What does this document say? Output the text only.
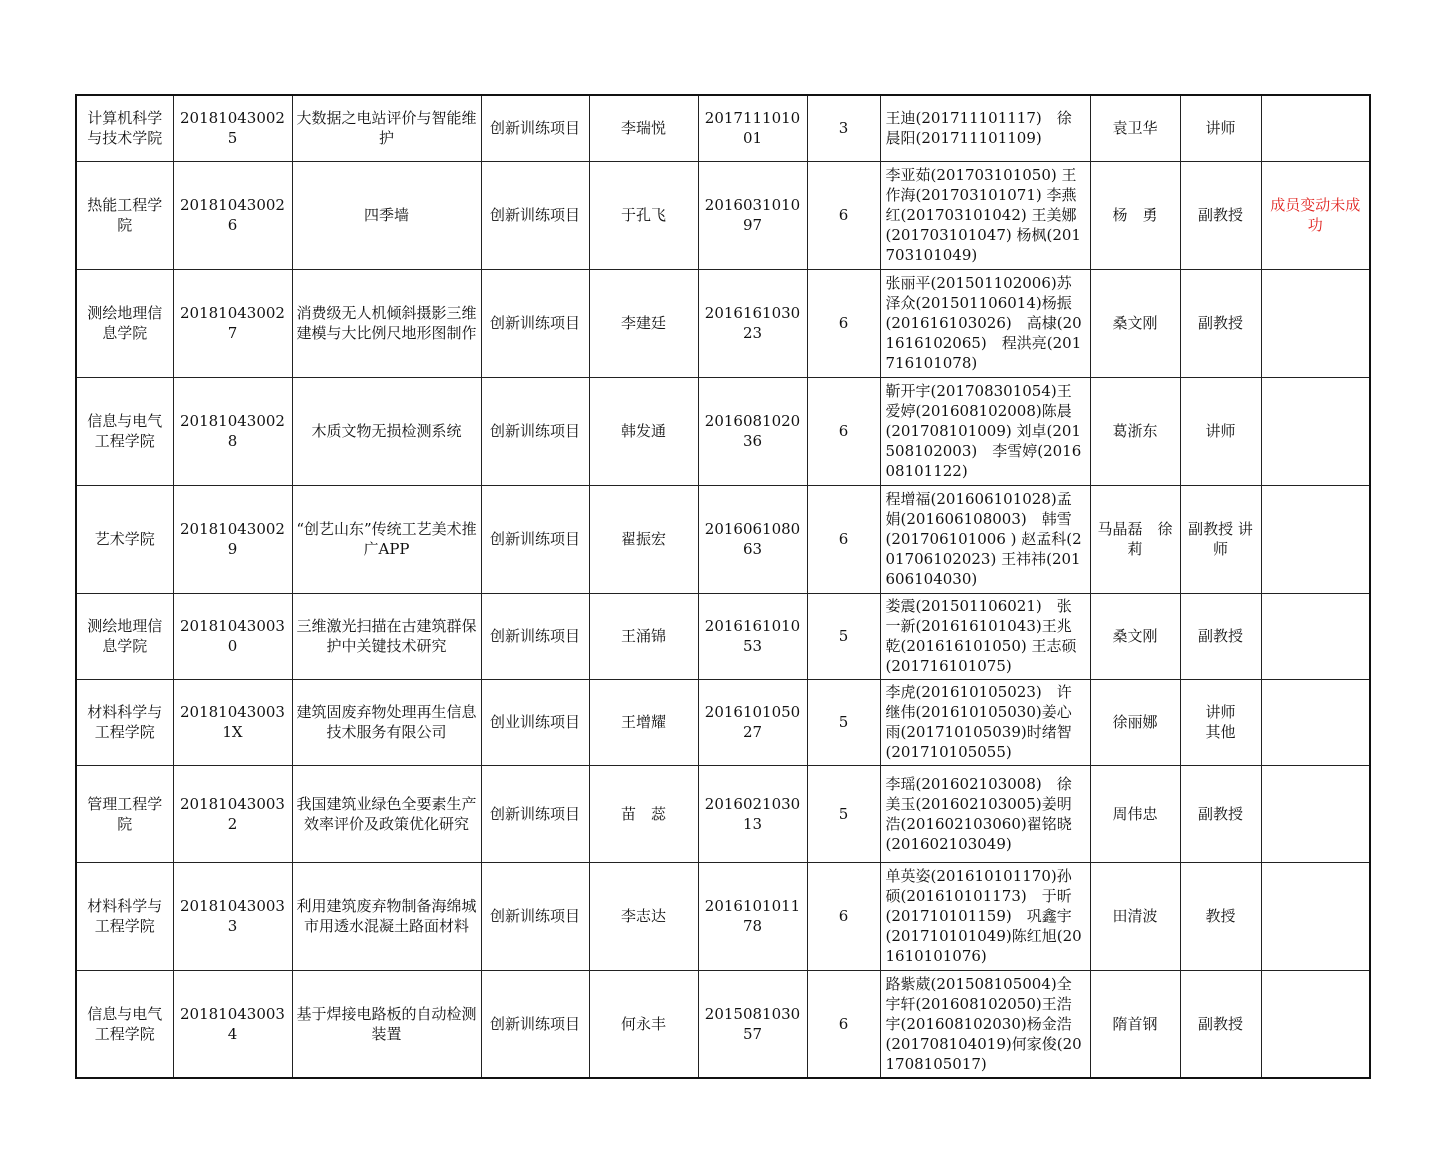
计算机科学与技术学院	201810430025	大数据之电站评价与智能维护	创新训练项目	李瑞悦	201711101001	3	王迪(201711101117)　徐晨阳(201711101109)	袁卫华	讲师	
热能工程学院	201810430026	四季墙	创新训练项目	于孔飞	201603101097	6	李亚茹(201703101050) 王作海(201703101071) 李燕红(201703101042) 王美娜(201703101047) 杨枫(201703101049)	杨　勇	副教授	成员变动未成功
测绘地理信息学院	201810430027	消费级无人机倾斜摄影三维建模与大比例尺地形图制作	创新训练项目	李建廷	201616103023	6	张丽平(201501102006)苏泽众(201501106014)杨振(201616103026)　高棣(201616102065)　程洪亮(201716101078)	桑文刚	副教授	
信息与电气工程学院	201810430028	木质文物无损检测系统	创新训练项目	韩发通	201608102036	6	靳开宇(201708301054)王爱婷(201608102008)陈晨(201708101009) 刘卓(201508102003)　李雪婷(201608101122)	葛浙东	讲师	
艺术学院	201810430029	“创艺山东”传统工艺美术推广APP	创新训练项目	翟振宏	201606108063	6	程增福(201606101028)孟娟(201606108003)　韩雪(201706101006 ) 赵孟科(201706102023) 王祎祎(201606104030)	马晶磊　徐莉	副教授 讲师	
测绘地理信息学院	201810430030	三维激光扫描在古建筑群保护中关键技术研究	创新训练项目	王涌锦	201616101053	5	娄震(201501106021)　张一新(201616101043)王兆乾(201616101050) 王志硕(201716101075)	桑文刚	副教授	
材料科学与工程学院	201810430031X	建筑固废弃物处理再生信息技术服务有限公司	创业训练项目	王增耀	201610105027	5	李虎(201610105023)　许继伟(201610105030)姜心雨(201710105039)时绪智(201710105055)	徐丽娜	讲师　　其他	
管理工程学院	201810430032	我国建筑业绿色全要素生产效率评价及政策优化研究	创新训练项目	苗　蕊	201602103013	5	李瑶(201602103008)　徐美玉(201602103005)姜明浩(201602103060)翟铭晓(201602103049)	周伟忠	副教授	
材料科学与工程学院	201810430033	利用建筑废弃物制备海绵城市用透水混凝土路面材料	创新训练项目	李志达	201610101178	6	单英姿(201610101170)孙硕(201610101173)　于昕(201710101159)　巩鑫宇(201710101049)陈红旭(201610101076)	田清波	教授	
信息与电气工程学院	201810430034	基于焊接电路板的自动检测装置	创新训练项目	何永丰	201508103057	6	路紫葳(201508105004)全宇轩(201608102050)王浩宇(201608102030)杨金浩(201708104019)何家俊(201708105017)	隋首钢	副教授	
